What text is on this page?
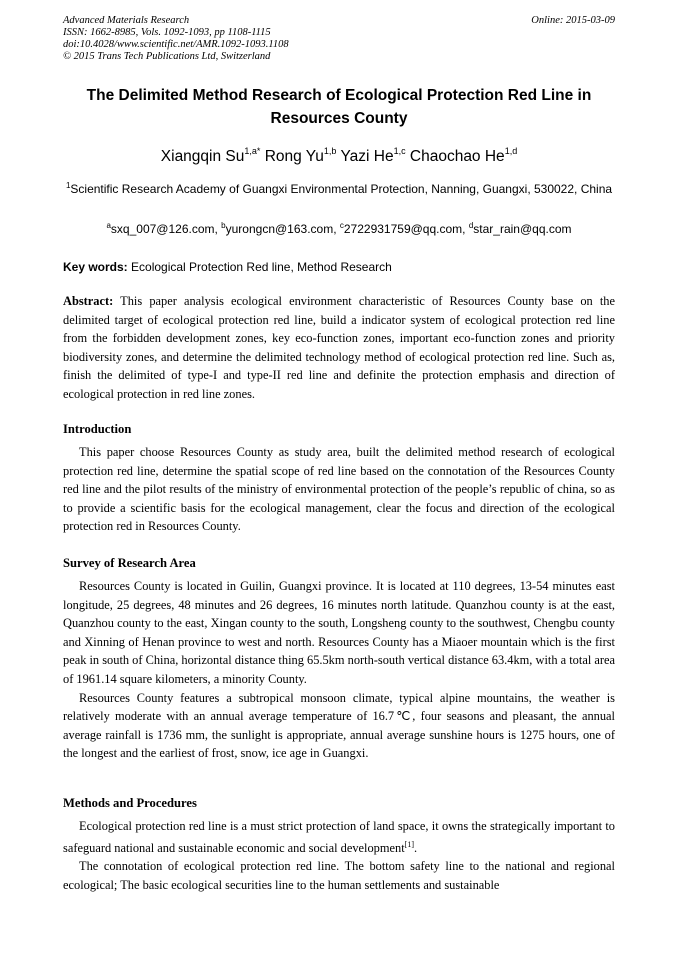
Advanced Materials Research
ISSN: 1662-8985, Vols. 1092-1093, pp 1108-1115
doi:10.4028/www.scientific.net/AMR.1092-1093.1108
© 2015 Trans Tech Publications Ltd, Switzerland
Online: 2015-03-09
The Delimited Method Research of Ecological Protection Red Line in Resources County
Xiangqin $Su^{1,a*}$ Rong Yu$^{1,b}$ Yazi He$^{1,c}$ Chaochao He$^{1,d}$
$^1$Scientific Research Academy of Guangxi Environmental Protection, Nanning, Guangxi, 530022, China
$^a$sxq_007@126.com, $^b$yurongcn@163.com, $^c$2722931759@qq.com, $^d$star_rain@qq.com
Key words: Ecological Protection Red line, Method Research
Abstract: This paper analysis ecological environment characteristic of Resources County base on the delimited target of ecological protection red line, build a indicator system of ecological protection red line from the forbidden development zones, key eco-function zones, important eco-function zones and priority biodiversity zones, and determine the delimited technology method of ecological protection red line. Such as, finish the delimited of type-I and type-II red line and definite the protection emphasis and direction of ecological protection in red line zones.
Introduction

This paper choose Resources County as study area, built the delimited method research of ecological protection red line, determine the spatial scope of red line based on the connotation of the Resources County red line and the pilot results of the ministry of environmental protection of the people’s republic of china, so as to provide a scientific basis for the ecological management, clear the focus and direction of the ecological protection red in Resources County.

Survey of Research Area

Resources County is located in Guilin, Guangxi province. It is located at 110 degrees, 13-54 minutes east longitude, 25 degrees, 48 minutes and 26 degrees, 16 minutes north latitude. Quanzhou county is at the east, Quanzhou county to the east, Xingan county to the south, Longsheng county to the southwest, Chengbu county and Xinning of Henan province to west and north. Resources County has a Miaoer mountain which is the first peak in south of China, horizontal distance thing 65.5km north-south vertical distance 63.4km, with a total area of 1961.14 square kilometers, a minority County.

Resources County features a subtropical monsoon climate, typical alpine mountains, the weather is relatively moderate with an annual average temperature of 16.7℃, four seasons and pleasant, the annual average rainfall is 1736 mm, the sunlight is appropriate, annual average sunshine hours is 1275 hours, one of the longest and the earliest of frost, snow, ice age in Guangxi.

Methods and Procedures

Ecological protection red line is a must strict protection of land space, it owns the strategically important to safeguard national and sustainable economic and social development[1].

The connotation of ecological protection red line. The bottom safety line to the national and regional ecological; The basic ecological securities line to the human settlements and sustainable
